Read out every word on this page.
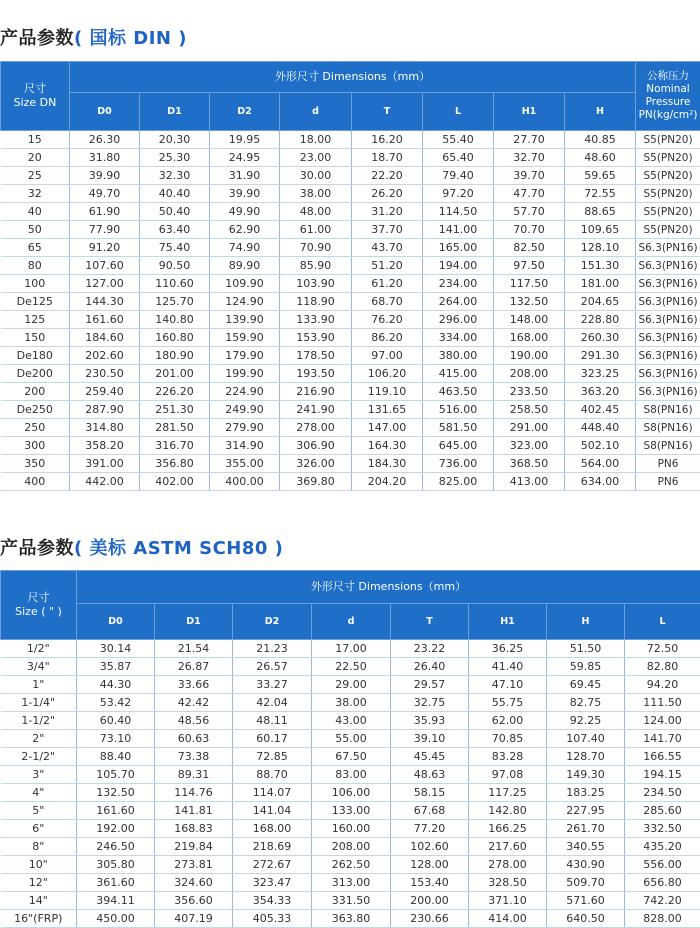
产品参数( 国标 DIN )
尺寸 Size DN	外形尺寸 Dimensions（mm）								公称压力 Nominal Pressure PN(kg/cm²)
	D0	D1	D2	d	T	L	H1	H	
15	26.30	20.30	19.95	18.00	16.20	55.40	27.70	40.85	S5(PN20)
20	31.80	25.30	24.95	23.00	18.70	65.40	32.70	48.60	S5(PN20)
25	39.90	32.30	31.90	30.00	22.20	79.40	39.70	59.65	S5(PN20)
32	49.70	40.40	39.90	38.00	26.20	97.20	47.70	72.55	S5(PN20)
40	61.90	50.40	49.90	48.00	31.20	114.50	57.70	88.65	S5(PN20)
50	77.90	63.40	62.90	61.00	37.70	141.00	70.70	109.65	S5(PN20)
65	91.20	75.40	74.90	70.90	43.70	165.00	82.50	128.10	S6.3(PN16)
80	107.60	90.50	89.90	85.90	51.20	194.00	97.50	151.30	S6.3(PN16)
100	127.00	110.60	109.90	103.90	61.20	234.00	117.50	181.00	S6.3(PN16)
De125	144.30	125.70	124.90	118.90	68.70	264.00	132.50	204.65	S6.3(PN16)
125	161.60	140.80	139.90	133.90	76.20	296.00	148.00	228.80	S6.3(PN16)
150	184.60	160.80	159.90	153.90	86.20	334.00	168.00	260.30	S6.3(PN16)
De180	202.60	180.90	179.90	178.50	97.00	380.00	190.00	291.30	S6.3(PN16)
De200	230.50	201.00	199.90	193.50	106.20	415.00	208.00	323.25	S6.3(PN16)
200	259.40	226.20	224.90	216.90	119.10	463.50	233.50	363.20	S6.3(PN16)
De250	287.90	251.30	249.90	241.90	131.65	516.00	258.50	402.45	S8(PN16)
250	314.80	281.50	279.90	278.00	147.00	581.50	291.00	448.40	S8(PN16)
300	358.20	316.70	314.90	306.90	164.30	645.00	323.00	502.10	S8(PN16)
350	391.00	356.80	355.00	326.00	184.30	736.00	368.50	564.00	PN6
400	442.00	402.00	400.00	369.80	204.20	825.00	413.00	634.00	PN6
产品参数( 美标 ASTM SCH80 )
尺寸 Size ( " )	外形尺寸 Dimensions（mm）							
	D0	D1	D2	d	T	H1	H	L
1/2"	30.14	21.54	21.23	17.00	23.22	36.25	51.50	72.50
3/4"	35.87	26.87	26.57	22.50	26.40	41.40	59.85	82.80
1"	44.30	33.66	33.27	29.00	29.57	47.10	69.45	94.20
1-1/4"	53.42	42.42	42.04	38.00	32.75	55.75	82.75	111.50
1-1/2"	60.40	48.56	48.11	43.00	35.93	62.00	92.25	124.00
2"	73.10	60.63	60.17	55.00	39.10	70.85	107.40	141.70
2-1/2"	88.40	73.38	72.85	67.50	45.45	83.28	128.70	166.55
3"	105.70	89.31	88.70	83.00	48.63	97.08	149.30	194.15
4"	132.50	114.76	114.07	106.00	58.15	117.25	183.25	234.50
5"	161.60	141.81	141.04	133.00	67.68	142.80	227.95	285.60
6"	192.00	168.83	168.00	160.00	77.20	166.25	261.70	332.50
8"	246.50	219.84	218.69	208.00	102.60	217.60	340.55	435.20
10"	305.80	273.81	272.67	262.50	128.00	278.00	430.90	556.00
12"	361.60	324.60	323.47	313.00	153.40	328.50	509.70	656.80
14"	394.11	356.60	354.33	331.50	200.00	371.10	571.60	742.20
16"(FRP)	450.00	407.19	405.33	363.80	230.66	414.00	640.50	828.00
